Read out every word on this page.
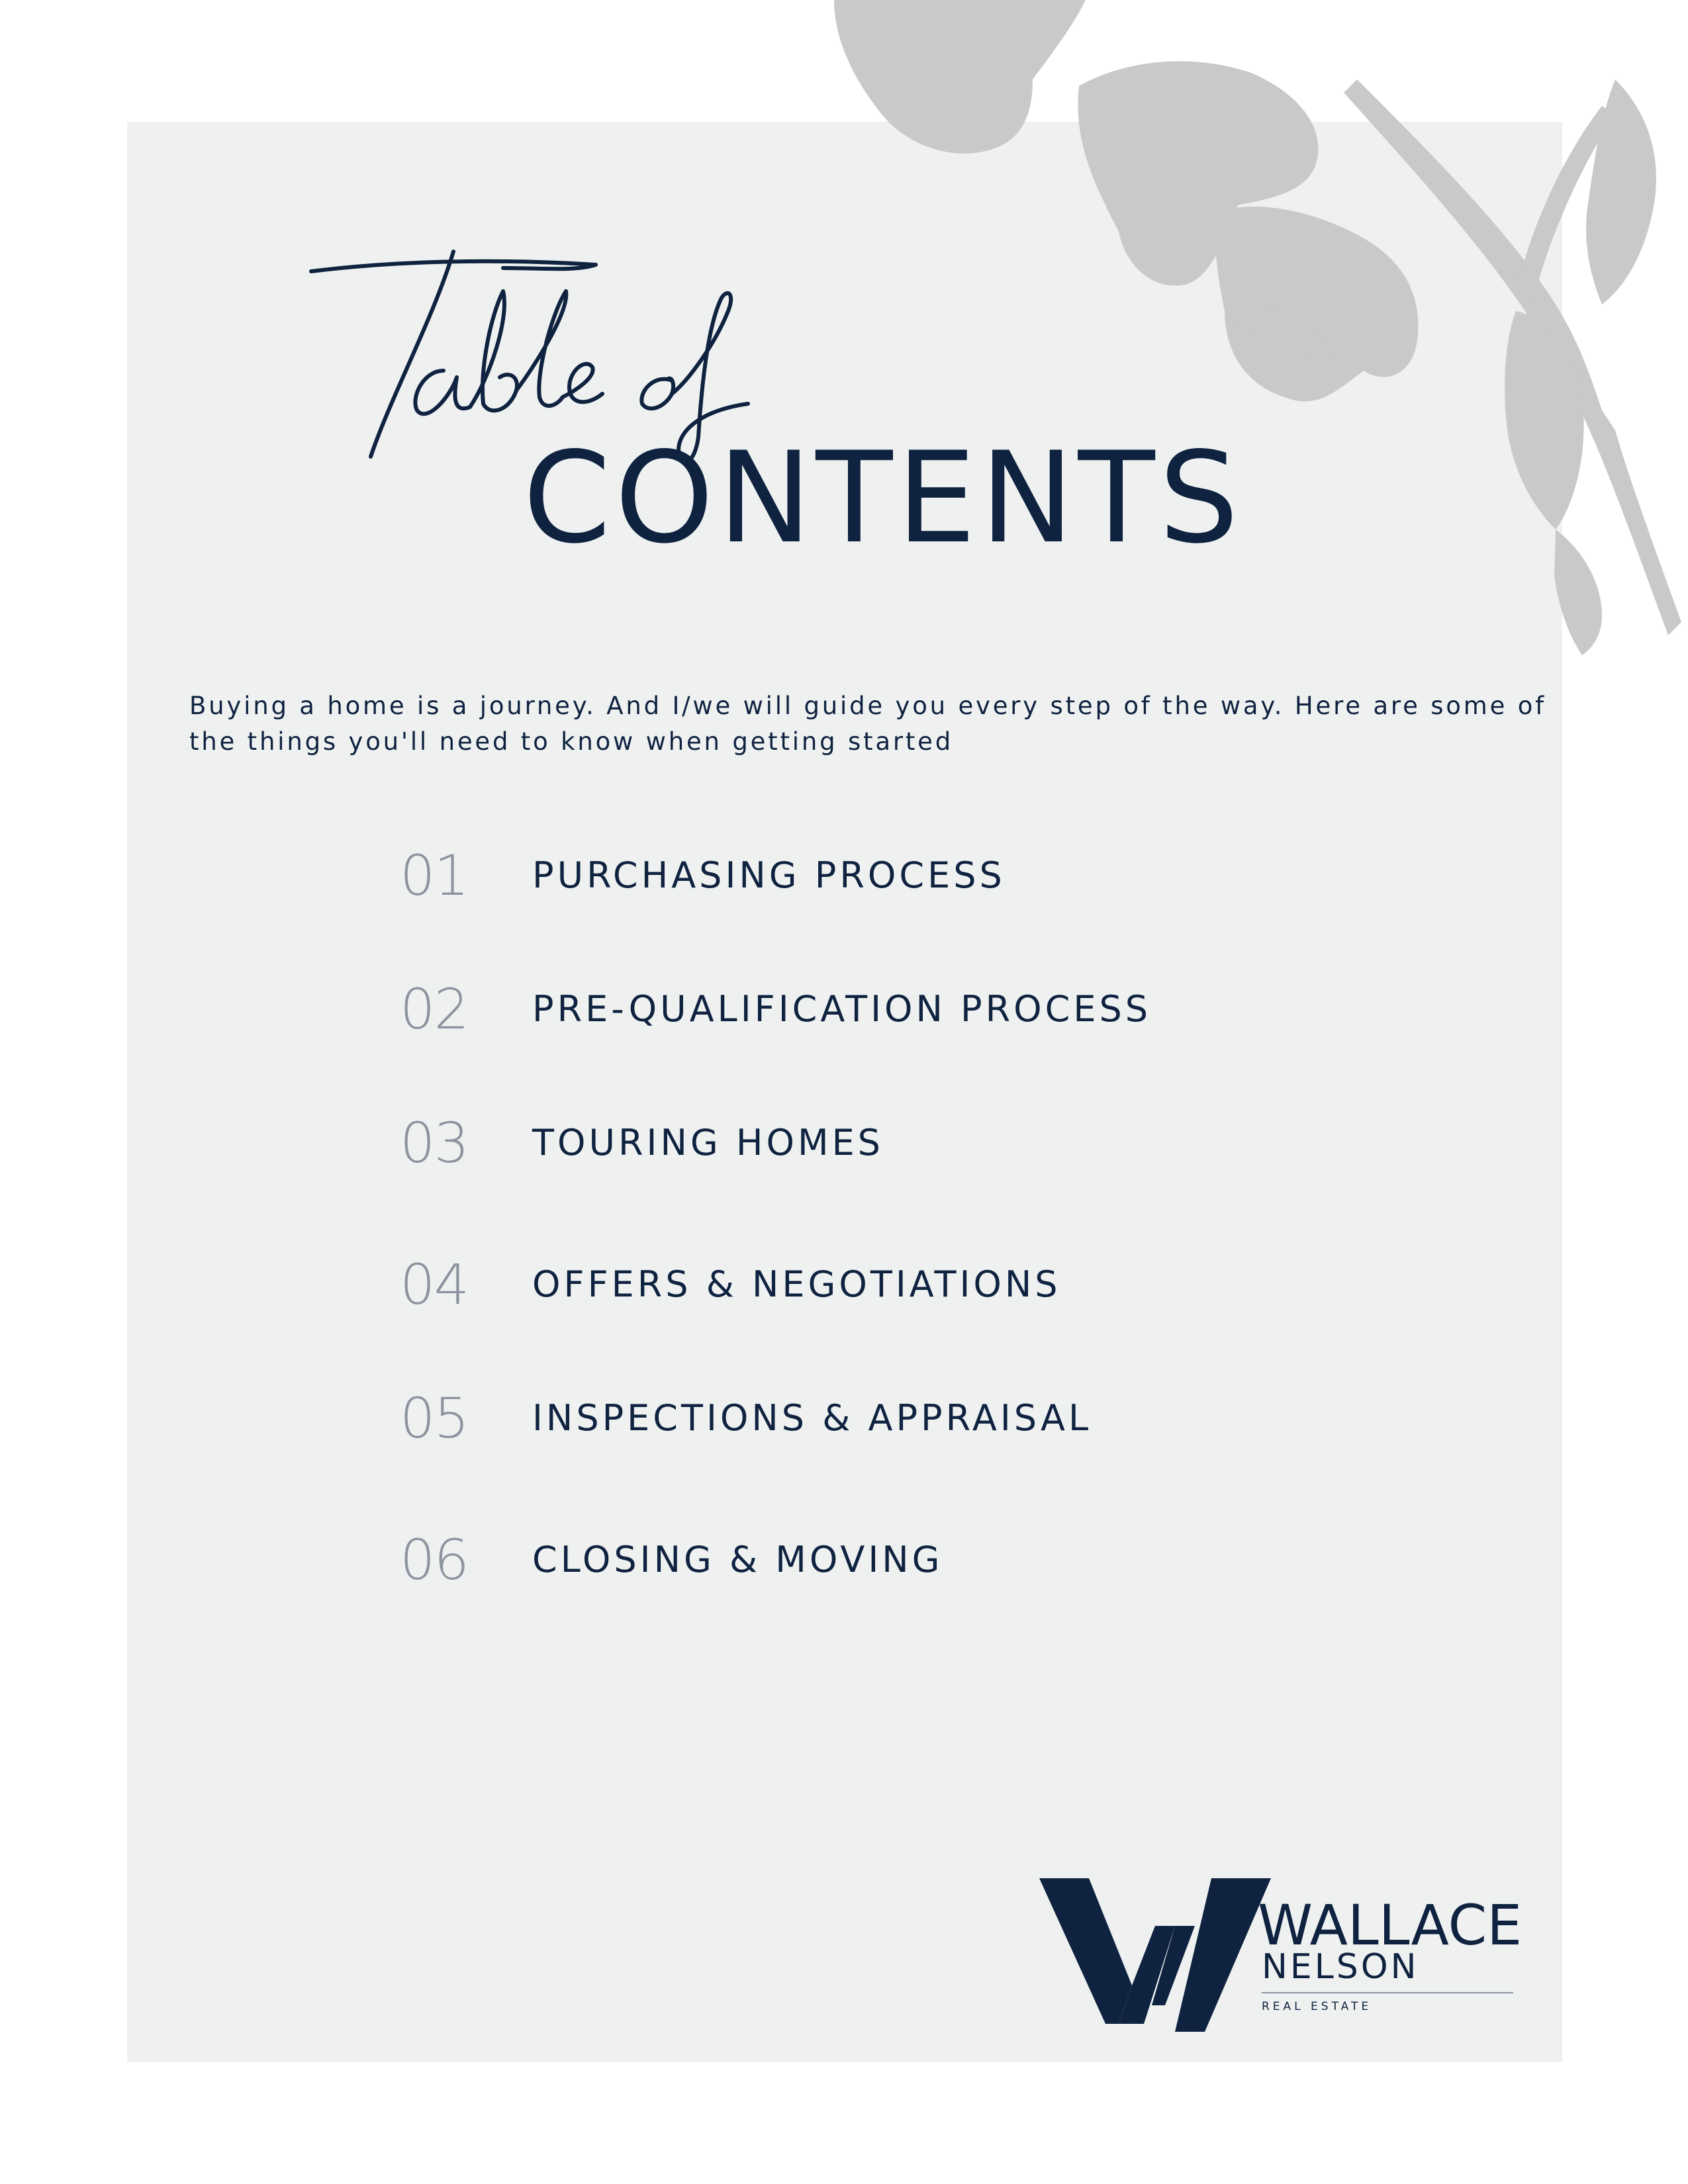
CONTENTS

Buying a home is a journey. And I/we will guide you every step of the way. Here are some of

the things you'll need to know when getting started

01 PURCHASING PROCESS
02 PRE-QUALIFICATION PROCESS
03 TOURING HOMES
04 OFFERS & NEGOTIATIONS
05 INSPECTIONS & APPRAISAL
06 CLOSING & MOVING
WALLACE
NELSON
REAL ESTATE
